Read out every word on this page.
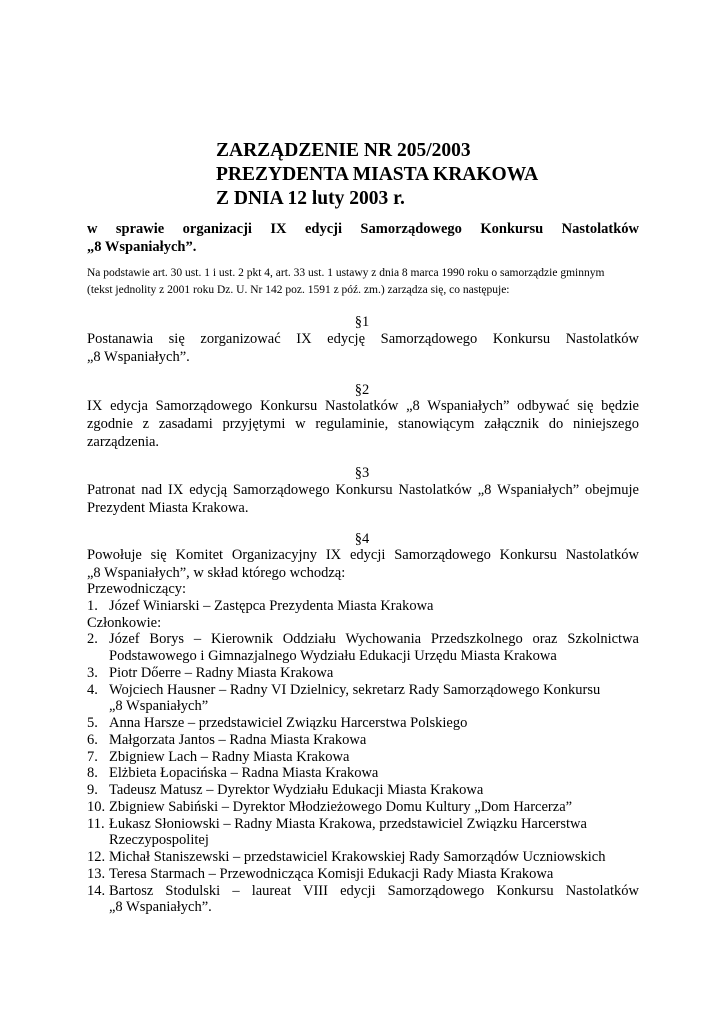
ZARZĄDZENIE NR 205/2003
PREZYDENTA MIASTA KRAKOWA
Z DNIA 12 luty 2003 r.
w sprawie organizacji IX edycji Samorządowego Konkursu Nastolatków
„8 Wspaniałych”.
Na podstawie art. 30 ust. 1 i ust. 2 pkt 4, art. 33 ust. 1 ustawy z dnia 8 marca 1990 roku o samorządzie gminnym
(tekst jednolity z 2001 roku Dz. U. Nr 142 poz. 1591 z póź. zm.) zarządza się, co następuje:
§1
Postanawia się zorganizować IX edycję Samorządowego Konkursu Nastolatków
„8 Wspaniałych”.
§2
IX edycja Samorządowego Konkursu Nastolatków „8 Wspaniałych” odbywać się będzie
zgodnie z zasadami przyjętymi w regulaminie, stanowiącym załącznik do niniejszego
zarządzenia.
§3
Patronat nad IX edycją Samorządowego Konkursu Nastolatków „8 Wspaniałych” obejmuje
Prezydent Miasta Krakowa.
§4
Powołuje się Komitet Organizacyjny IX edycji Samorządowego Konkursu Nastolatków
„8 Wspaniałych”, w skład którego wchodzą:
Przewodniczący:
1. Józef Winiarski – Zastępca Prezydenta Miasta Krakowa
Członkowie:
2. Józef Borys – Kierownik Oddziału Wychowania Przedszkolnego oraz Szkolnictwa
Podstawowego i Gimnazjalnego Wydziału Edukacji Urzędu Miasta Krakowa
3. Piotr Dőerre – Radny Miasta Krakowa
4. Wojciech Hausner – Radny VI Dzielnicy, sekretarz Rady Samorządowego Konkursu
„8 Wspaniałych”
5. Anna Harsze – przedstawiciel Związku Harcerstwa Polskiego
6. Małgorzata Jantos – Radna Miasta Krakowa
7. Zbigniew Lach – Radny Miasta Krakowa
8. Elżbieta Łopacińska – Radna Miasta Krakowa
9. Tadeusz Matusz – Dyrektor Wydziału Edukacji Miasta Krakowa
10. Zbigniew Sabiński – Dyrektor Młodzieżowego Domu Kultury „Dom Harcerza”
11. Łukasz Słoniowski – Radny Miasta Krakowa, przedstawiciel Związku Harcerstwa
Rzeczypospolitej
12. Michał Staniszewski – przedstawiciel Krakowskiej Rady Samorządów Uczniowskich
13. Teresa Starmach – Przewodnicząca Komisji Edukacji Rady Miasta Krakowa
14. Bartosz Stodulski – laureat VIII edycji Samorządowego Konkursu Nastolatków
„8 Wspaniałych”.
